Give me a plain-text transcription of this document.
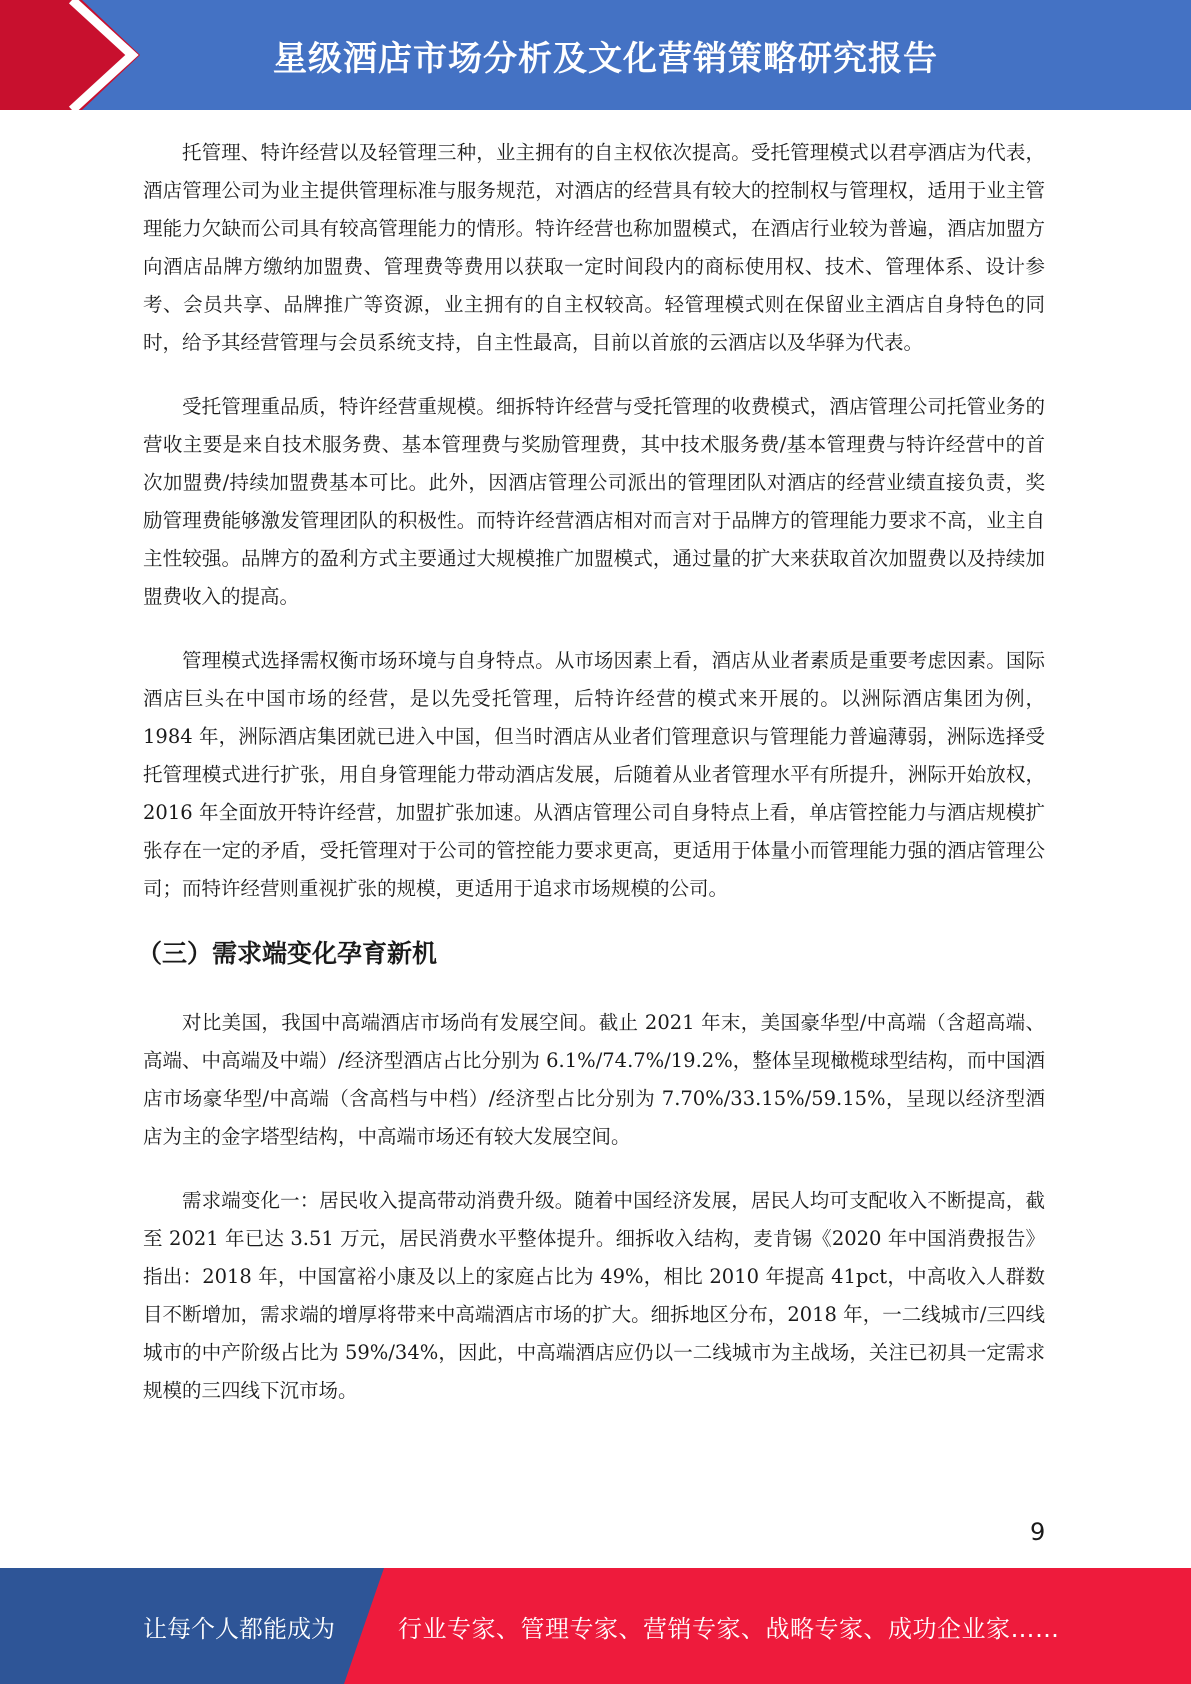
星级酒店市场分析及文化营销策略研究报告

托管理、特许经营以及轻管理三种，业主拥有的自主权依次提高。受托管理模式以君亭酒店为代表，酒店管理公司为业主提供管理标准与服务规范，对酒店的经营具有较大的控制权与管理权，适用于业主管理能力欠缺而公司具有较高管理能力的情形。特许经营也称加盟模式，在酒店行业较为普遍，酒店加盟方向酒店品牌方缴纳加盟费、管理费等费用以获取一定时间段内的商标使用权、技术、管理体系、设计参考、会员共享、品牌推广等资源，业主拥有的自主权较高。轻管理模式则在保留业主酒店自身特色的同时，给予其经营管理与会员系统支持，自主性最高，目前以首旅的云酒店以及华驿为代表。

受托管理重品质，特许经营重规模。细拆特许经营与受托管理的收费模式，酒店管理公司托管业务的营收主要是来自技术服务费、基本管理费与奖励管理费，其中技术服务费/基本管理费与特许经营中的首次加盟费/持续加盟费基本可比。此外，因酒店管理公司派出的管理团队对酒店的经营业绩直接负责，奖励管理费能够激发管理团队的积极性。而特许经营酒店相对而言对于品牌方的管理能力要求不高，业主自主性较强。品牌方的盈利方式主要通过大规模推广加盟模式，通过量的扩大来获取首次加盟费以及持续加盟费收入的提高。

管理模式选择需权衡市场环境与自身特点。从市场因素上看，酒店从业者素质是重要考虑因素。国际酒店巨头在中国市场的经营，是以先受托管理，后特许经营的模式来开展的。以洲际酒店集团为例，1984 年，洲际酒店集团就已进入中国，但当时酒店从业者们管理意识与管理能力普遍薄弱，洲际选择受托管理模式进行扩张，用自身管理能力带动酒店发展，后随着从业者管理水平有所提升，洲际开始放权，2016 年全面放开特许经营，加盟扩张加速。从酒店管理公司自身特点上看，单店管控能力与酒店规模扩张存在一定的矛盾，受托管理对于公司的管控能力要求更高，更适用于体量小而管理能力强的酒店管理公司；而特许经营则重视扩张的规模，更适用于追求市场规模的公司。

（三）需求端变化孕育新机

对比美国，我国中高端酒店市场尚有发展空间。截止 2021 年末，美国豪华型/中高端（含超高端、高端、中高端及中端）/经济型酒店占比分别为 6.1%/74.7%/19.2%，整体呈现橄榄球型结构，而中国酒店市场豪华型/中高端（含高档与中档）/经济型占比分别为 7.70%/33.15%/59.15%，呈现以经济型酒店为主的金字塔型结构，中高端市场还有较大发展空间。

需求端变化一：居民收入提高带动消费升级。随着中国经济发展，居民人均可支配收入不断提高，截至 2021 年已达 3.51 万元，居民消费水平整体提升。细拆收入结构，麦肯锡《2020 年中国消费报告》指出：2018 年，中国富裕小康及以上的家庭占比为 49%，相比 2010 年提高 41pct，中高收入人群数目不断增加，需求端的增厚将带来中高端酒店市场的扩大。细拆地区分布，2018 年，一二线城市/三四线城市的中产阶级占比为 59%/34%，因此，中高端酒店应仍以一二线城市为主战场，关注已初具一定需求规模的三四线下沉市场。

9
让每个人都能成为	行业专家、管理专家、营销专家、战略专家、成功企业家……
